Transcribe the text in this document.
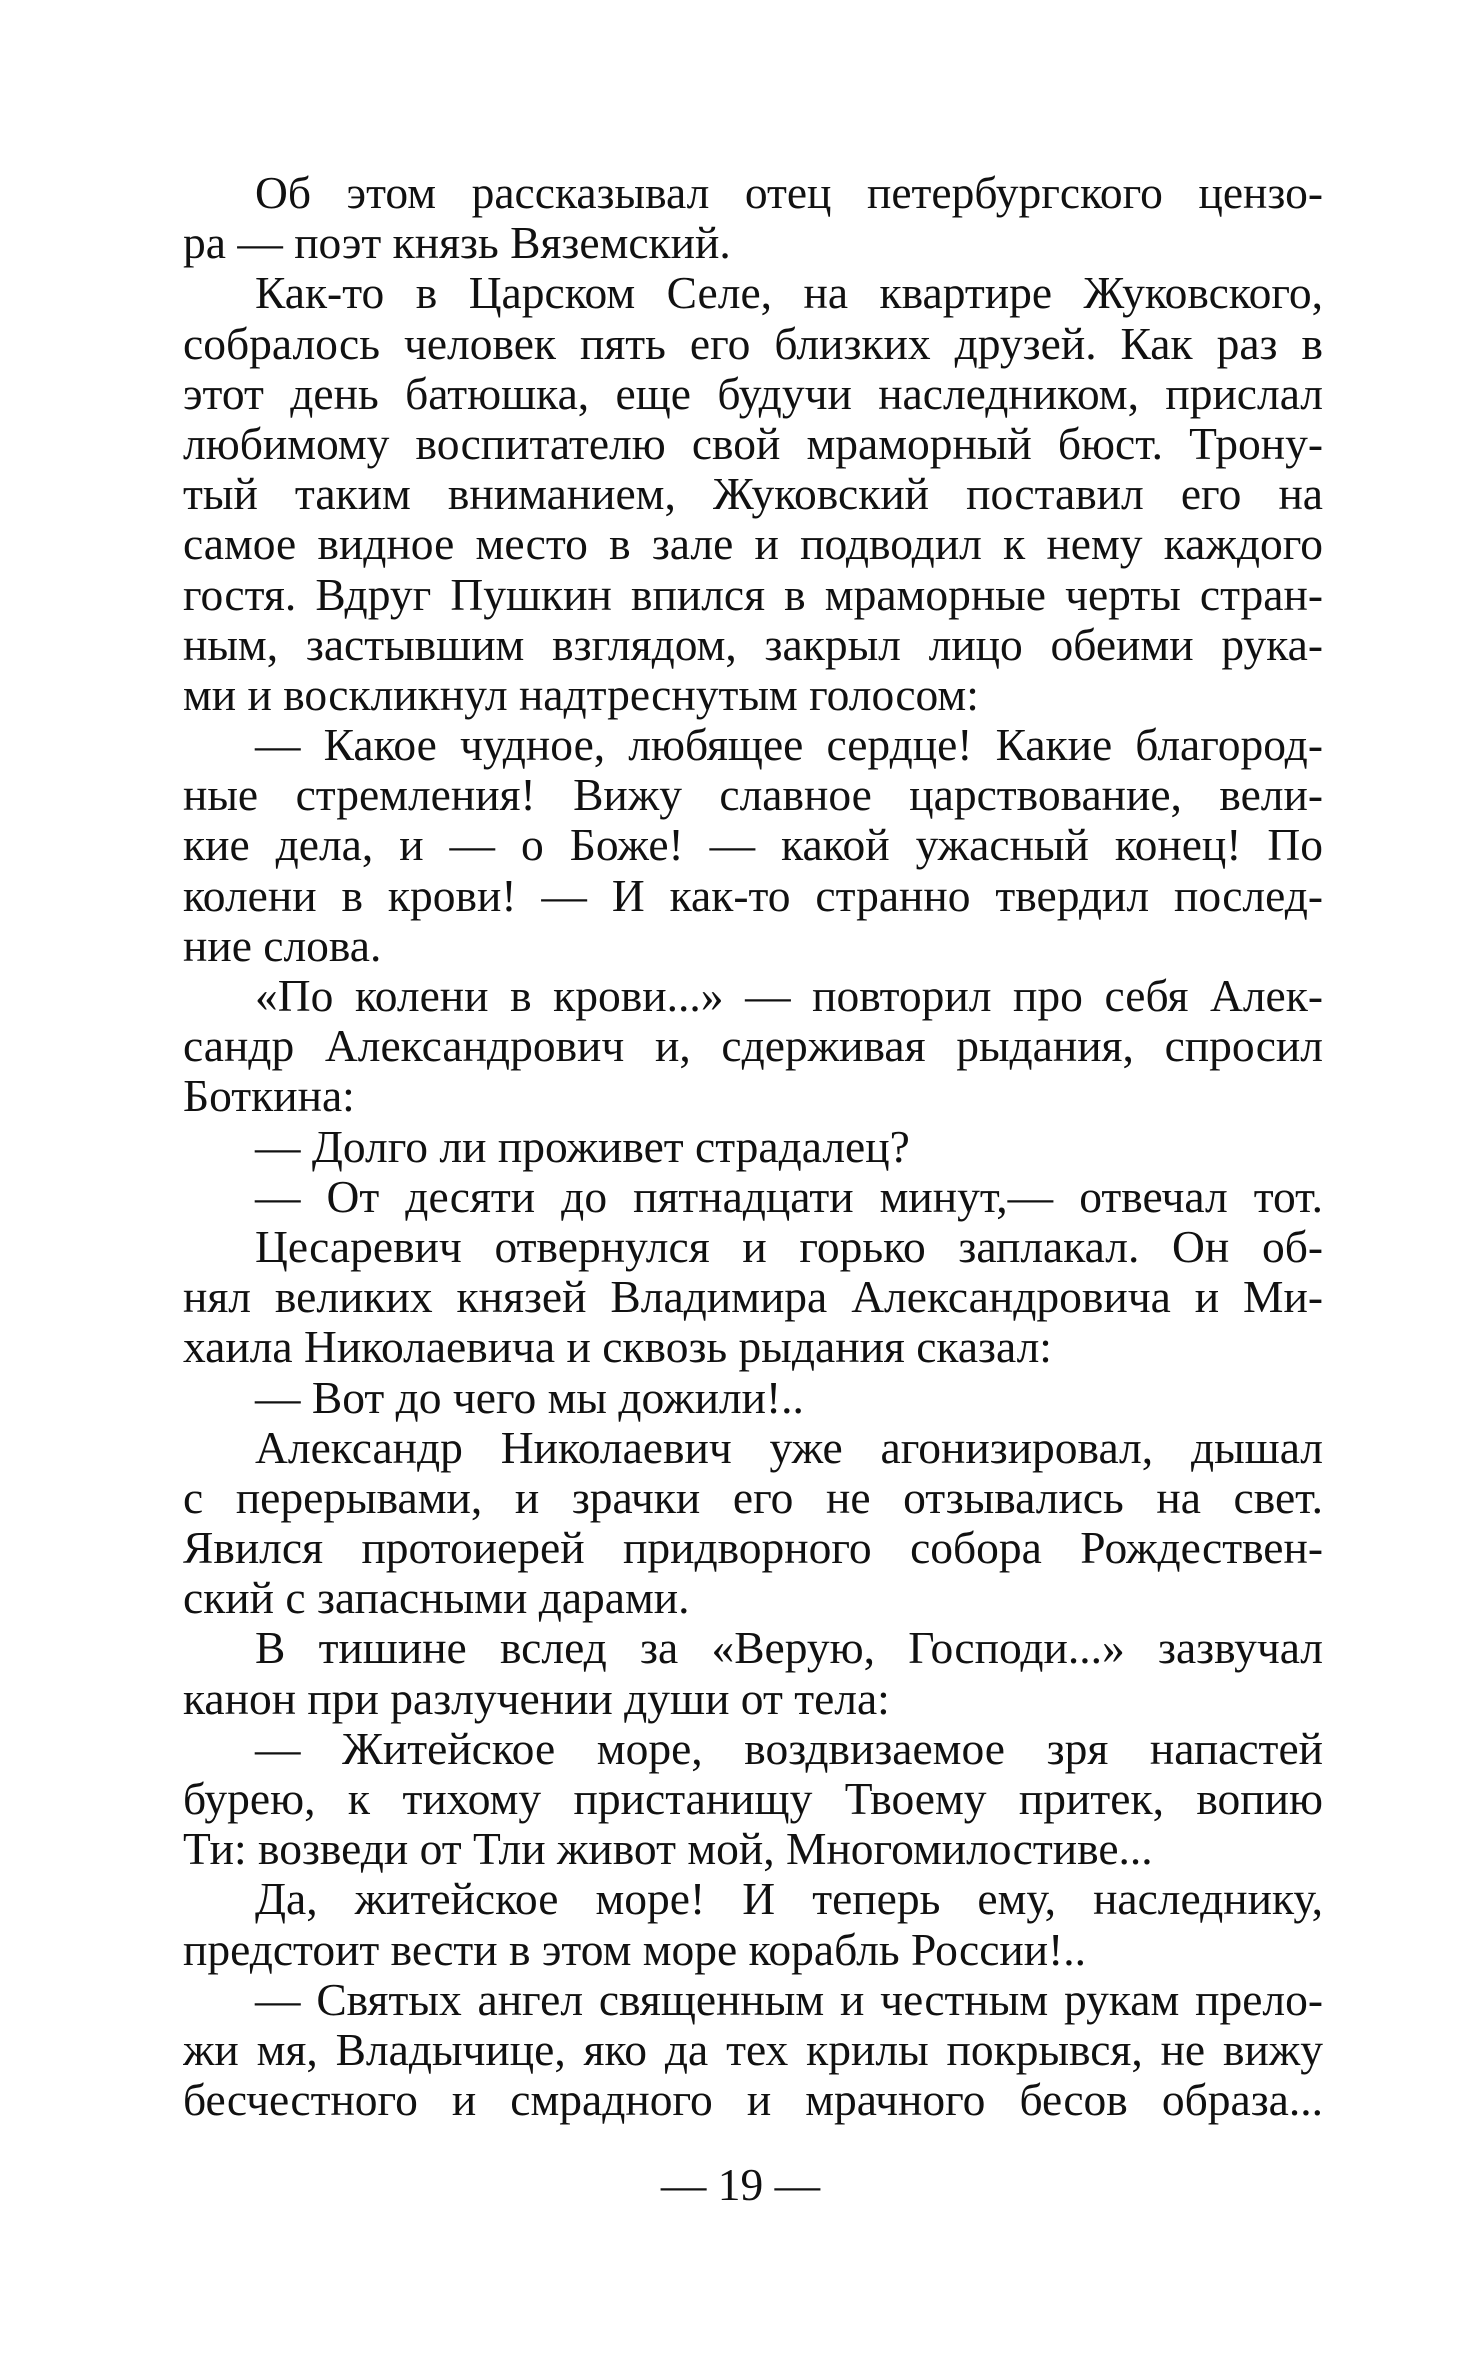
Об этом рассказывал отец петербургского цензо-
ра — поэт князь Вяземский.
Как-то в Царском Селе, на квартире Жуковского,
собралось человек пять его близких друзей. Как раз в
этот день батюшка, еще будучи наследником, прислал
любимому воспитателю свой мраморный бюст. Трону-
тый таким вниманием, Жуковский поставил его на
самое видное место в зале и подводил к нему каждого
гостя. Вдруг Пушкин впился в мраморные черты стран-
ным, застывшим взглядом, закрыл лицо обеими рука-
ми и воскликнул надтреснутым голосом:
— Какое чудное, любящее сердце! Какие благород-
ные стремления! Вижу славное царствование, вели-
кие дела, и — о Боже! — какой ужасный конец! По
колени в крови! — И как-то странно твердил послед-
ние слова.
«По колени в крови...» — повторил про себя Алек-
сандр Александрович и, сдерживая рыдания, спросил
Боткина:
— Долго ли проживет страдалец?
— От десяти до пятнадцати минут,— отвечал тот.
Цесаревич отвернулся и горько заплакал. Он об-
нял великих князей Владимира Александровича и Ми-
хаила Николаевича и сквозь рыдания сказал:
— Вот до чего мы дожили!..
Александр Николаевич уже агонизировал, дышал
с перерывами, и зрачки его не отзывались на свет.
Явился протоиерей придворного собора Рождествен-
ский с запасными дарами.
В тишине вслед за «Верую, Господи...» зазвучал
канон при разлучении души от тела:
— Житейское море, воздвизаемое зря напастей
бурею, к тихому пристанищу Твоему притек, вопию
Ти: возведи от Тли живот мой, Многомилостиве...
Да, житейское море! И теперь ему, наследнику,
предстоит вести в этом море корабль России!..
— Святых ангел священным и честным рукам прело-
жи мя, Владычице, яко да тех крилы покрывся, не вижу
бесчестного и смрадного и мрачного бесов образа...
— 19 —
